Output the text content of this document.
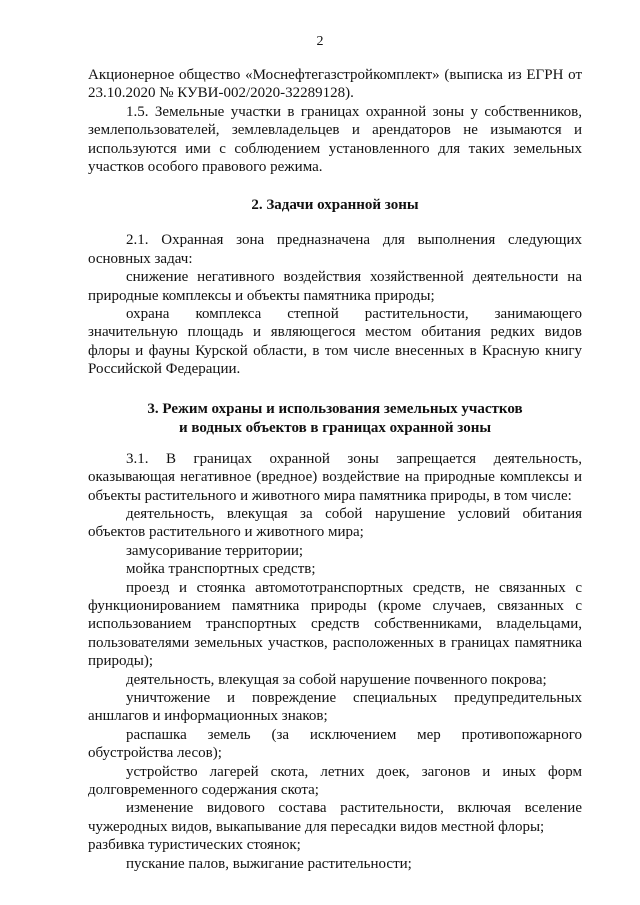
2

Акционерное общество «Моснефтегазстройкомплект» (выписка из ЕГРН от 23.10.2020 № КУВИ-002/2020-32289128).

1.5. Земельные участки в границах охранной зоны у собственников, землепользователей, землевладельцев и арендаторов не изымаются и используются ими с соблюдением установленного для таких земельных участков особого правового режима.

2. Задачи охранной зоны

2.1. Охранная зона предназначена для выполнения следующих основных задач:

снижение негативного воздействия хозяйственной деятельности на природные комплексы и объекты памятника природы;

охрана комплекса степной растительности, занимающего значительную площадь и являющегося местом обитания редких видов флоры и фауны Курской области, в том числе внесенных в Красную книгу Российской Федерации.

3. Режим охраны и использования земельных участков
и водных объектов в границах охранной зоны

3.1. В границах охранной зоны запрещается деятельность, оказывающая негативное (вредное) воздействие на природные комплексы и объекты растительного и животного мира памятника природы, в том числе:

деятельность, влекущая за собой нарушение условий обитания объектов растительного и животного мира;

замусоривание территории;

мойка транспортных средств;

проезд и стоянка автомототранспортных средств, не связанных с функционированием памятника природы (кроме случаев, связанных с использованием транспортных средств собственниками, владельцами, пользователями земельных участков, расположенных в границах памятника природы);

деятельность, влекущая за собой нарушение почвенного покрова;

уничтожение и повреждение специальных предупредительных аншлагов и информационных знаков;

распашка земель (за исключением мер противопожарного обустройства лесов);

устройство лагерей скота, летних доек, загонов и иных форм долговременного содержания скота;

изменение видового состава растительности, включая вселение чужеродных видов, выкапывание для пересадки видов местной флоры;

разбивка туристических стоянок;

пускание палов, выжигание растительности;
